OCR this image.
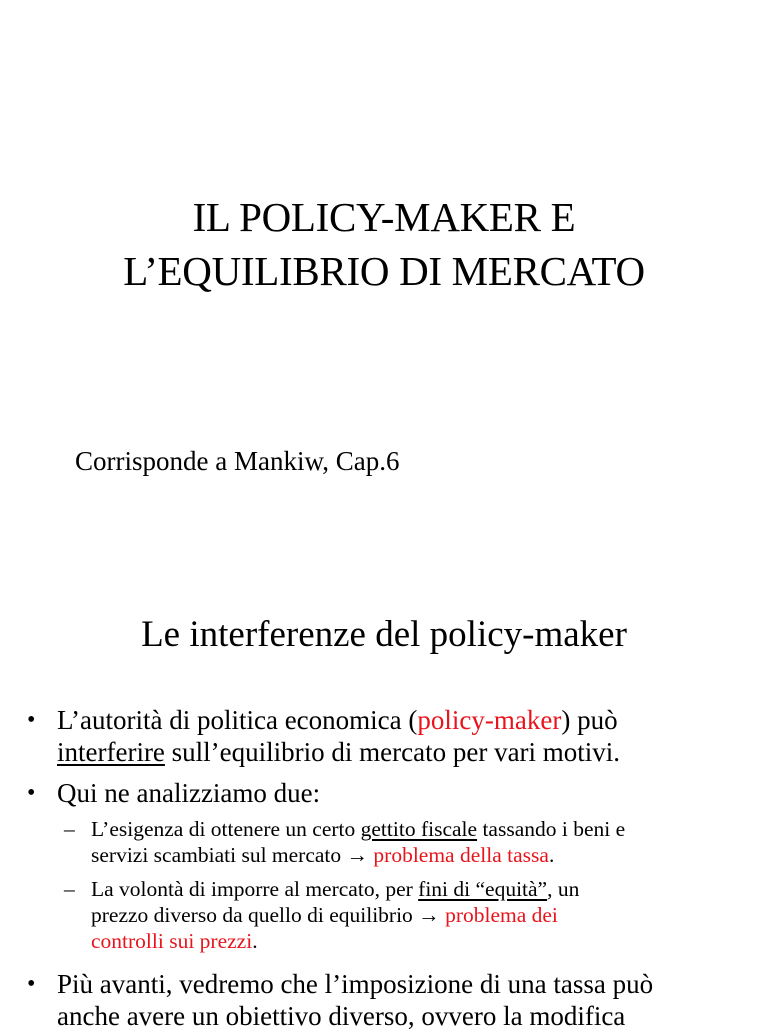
IL POLICY-MAKER E
L’EQUILIBRIO DI MERCATO

Corrisponde a Mankiw, Cap.6

Le interferenze del policy-maker
• L’autorità di politica economica (policy-maker) può
interferire sull’equilibrio di mercato per vari motivi.
• Qui ne analizziamo due:
– L’esigenza di ottenere un certo gettito fiscale tassando i beni e
servizi scambiati sul mercato → problema della tassa.
– La volontà di imporre al mercato, per fini di “equità”, un
prezzo diverso da quello di equilibrio → problema dei
controlli sui prezzi.
• Più avanti, vedremo che l’imposizione di una tassa può
anche avere un obiettivo diverso, ovvero la modifica
